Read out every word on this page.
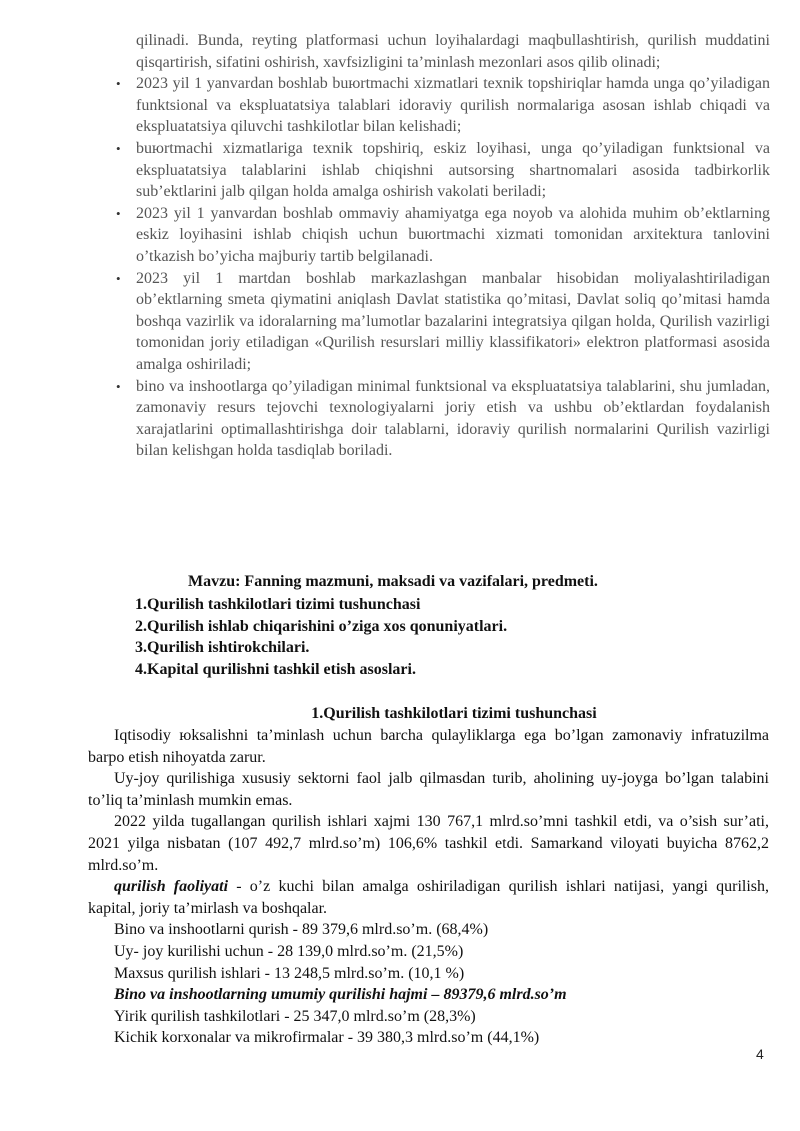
qilinadi. Bunda, reyting platformasi uchun loyihalardagi maqbullashtirish, qurilish muddatini qisqartirish, sifatini oshirish, xavfsizligini ta’minlash mezonlari asos qilib olinadi;

• 2023 yil 1 yanvardan boshlab buюrtmachi xizmatlari texnik topshiriqlar hamda unga qo’yiladigan funktsional va ekspluatatsiya talablari idoraviy qurilish normalariga asosan ishlab chiqadi va ekspluatatsiya qiluvchi tashkilotlar bilan kelishadi;

• buюrtmachi xizmatlariga texnik topshiriq, eskiz loyihasi, unga qo’yiladigan funktsional va ekspluatatsiya talablarini ishlab chiqishni autsorsing shartnomalari asosida tadbirkorlik sub’ektlarini jalb qilgan holda amalga oshirish vakolati beriladi;

• 2023 yil 1 yanvardan boshlab ommaviy ahamiyatga ega noyob va alohida muhim ob’ektlarning eskiz loyihasini ishlab chiqish uchun buюrtmachi xizmati tomonidan arxitektura tanlovini o’tkazish bo’yicha majburiy tartib belgilanadi.

• 2023 yil 1 martdan boshlab markazlashgan manbalar hisobidan moliyalashtiriladigan ob’ektlarning smeta qiymatini aniqlash Davlat statistika qo’mitasi, Davlat soliq qo’mitasi hamda boshqa vazirlik va idoralarning ma’lumotlar bazalarini integratsiya qilgan holda, Qurilish vazirligi tomonidan joriy etiladigan «Qurilish resurslari milliy klassifikatori» elektron platformasi asosida amalga oshiriladi;

• bino va inshootlarga qo’yiladigan minimal funktsional va ekspluatatsiya talablarini, shu jumladan, zamonaviy resurs tejovchi texnologiyalarni joriy etish va ushbu ob’ektlardan foydalanish xarajatlarini optimallashtirishga doir talablarni, idoraviy qurilish normalarini Qurilish vazirligi bilan kelishgan holda tasdiqlab boriladi.

Mavzu: Fanning mazmuni, maksadi va vazifalari, predmeti.
1.Qurilish tashkilotlari tizimi tushunchasi
2.Qurilish ishlab chiqarishini o’ziga xos qonuniyatlari.
3.Qurilish ishtirokchilari.
4.Kapital qurilishni tashkil etish asoslari.
1.Qurilish tashkilotlari tizimi tushunchasi

Iqtisodiy юksalishni ta’minlash uchun barcha qulayliklarga ega bo’lgan zamonaviy infratuzilma barpo etish nihoyatda zarur.

Uy-joy qurilishiga xususiy sektorni faol jalb qilmasdan turib, aholining uy-joyga bo’lgan talabini to’liq ta’minlash mumkin emas.

2022 yilda tugallangan qurilish ishlari xajmi 130 767,1 mlrd.so’mni tashkil etdi, va o’sish sur’ati, 2021 yilga nisbatan (107 492,7 mlrd.so’m) 106,6% tashkil etdi. Samarkand viloyati buyicha 8762,2 mlrd.so’m.

qurilish faoliyati - o’z kuchi bilan amalga oshiriladigan qurilish ishlari natijasi, yangi qurilish, kapital, joriy ta’mirlash va boshqalar.

Bino va inshootlarni qurish - 89 379,6 mlrd.so’m. (68,4%)

Uy- joy kurilishi uchun - 28 139,0 mlrd.so’m. (21,5%)

Maxsus qurilish ishlari - 13 248,5 mlrd.so’m. (10,1 %)

Bino va inshootlarning umumiy qurilishi hajmi – 89379,6 mlrd.so’m

Yirik qurilish tashkilotlari - 25 347,0 mlrd.so’m (28,3%)

Kichik korxonalar va mikrofirmalar - 39 380,3 mlrd.so’m (44,1%)

4
